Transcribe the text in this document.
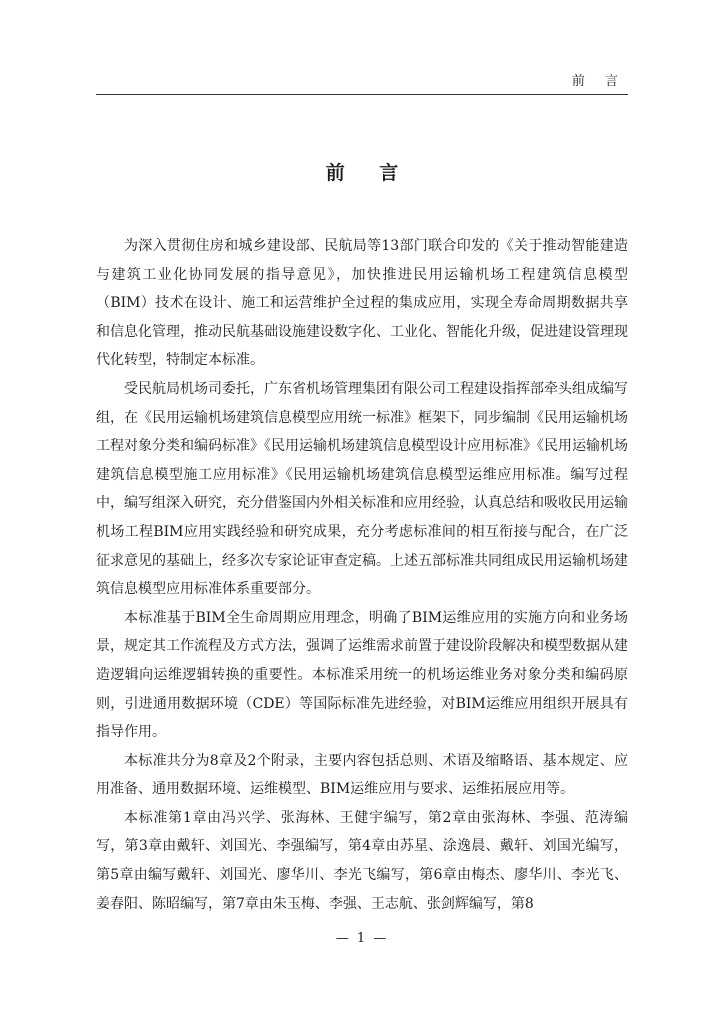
前 言
前 言

为深入贯彻住房和城乡建设部、民航局等13部门联合印发的《关于推动智能建造与建筑工业化协同发展的指导意见》，加快推进民用运输机场工程建筑信息模型（BIM）技术在设计、施工和运营维护全过程的集成应用，实现全寿命周期数据共享和信息化管理，推动民航基础设施建设数字化、工业化、智能化升级，促进建设管理现代化转型，特制定本标准。

受民航局机场司委托，广东省机场管理集团有限公司工程建设指挥部牵头组成编写组，在《民用运输机场建筑信息模型应用统一标准》框架下，同步编制《民用运输机场工程对象分类和编码标准》《民用运输机场建筑信息模型设计应用标准》《民用运输机场建筑信息模型施工应用标准》《民用运输机场建筑信息模型运维应用标准。编写过程中，编写组深入研究，充分借鉴国内外相关标准和应用经验，认真总结和吸收民用运输机场工程BIM应用实践经验和研究成果，充分考虑标准间的相互衔接与配合，在广泛征求意见的基础上，经多次专家论证审查定稿。上述五部标准共同组成民用运输机场建筑信息模型应用标准体系重要部分。

本标准基于BIM全生命周期应用理念，明确了BIM运维应用的实施方向和业务场景，规定其工作流程及方式方法，强调了运维需求前置于建设阶段解决和模型数据从建造逻辑向运维逻辑转换的重要性。本标准采用统一的机场运维业务对象分类和编码原则，引进通用数据环境（CDE）等国际标准先进经验，对BIM运维应用组织开展具有指导作用。

本标准共分为8章及2个附录，主要内容包括总则、术语及缩略语、基本规定、应用准备、通用数据环境、运维模型、BIM运维应用与要求、运维拓展应用等。

本标准第1章由冯兴学、张海林、王健宇编写，第2章由张海林、李强、范涛编写，第3章由戴轩、刘国光、李强编写，第4章由苏星、涂逸晨、戴轩、刘国光编写，第5章由编写戴轩、刘国光、廖华川、李光飞编写，第6章由梅杰、廖华川、李光飞、姜春阳、陈昭编写，第7章由朱玉梅、李强、王志航、张剑辉编写，第8

— 1 —
